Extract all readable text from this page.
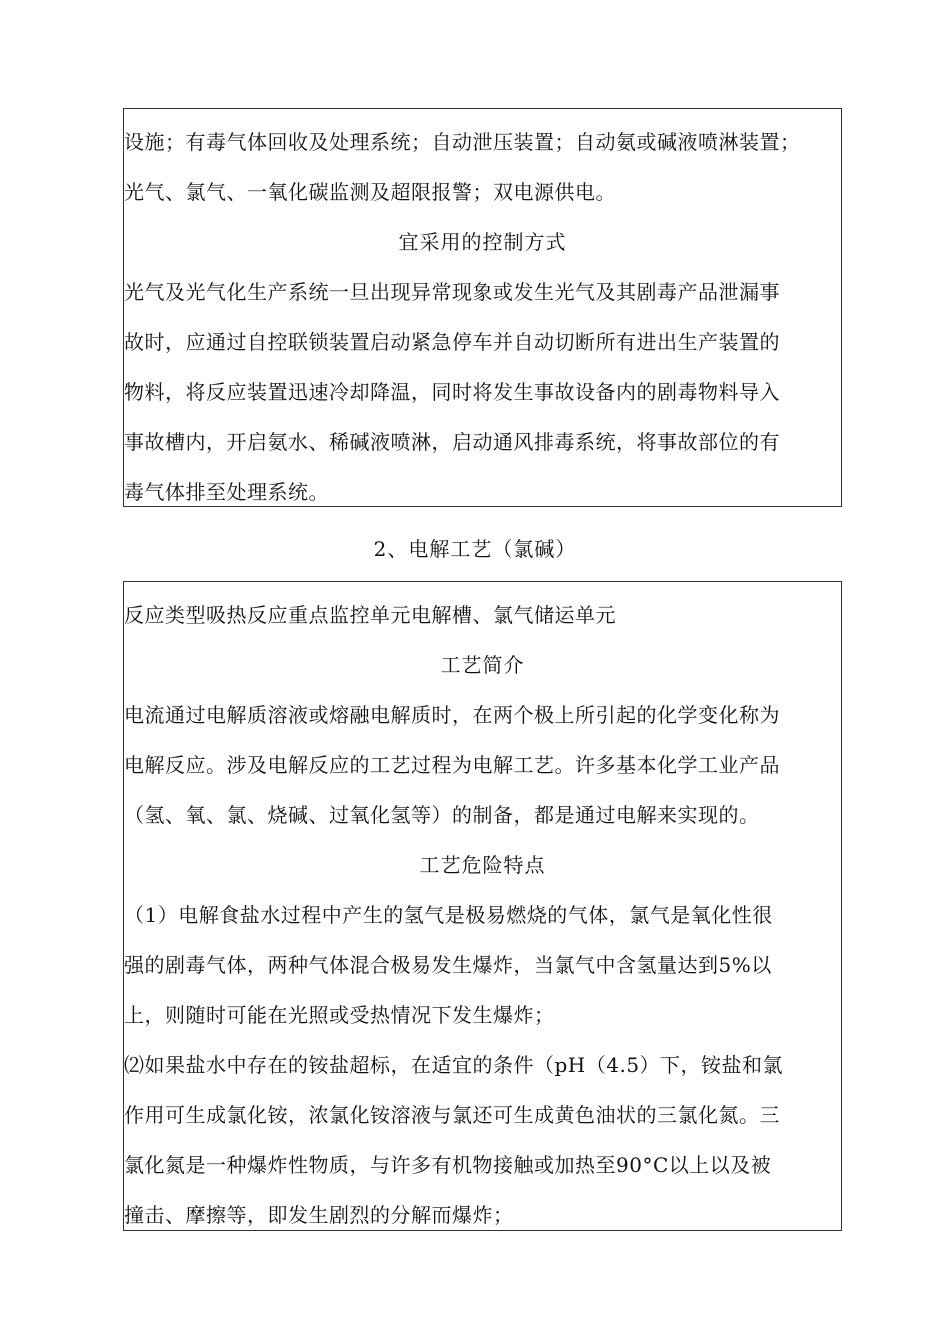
设施；有毒气体回收及处理系统；自动泄压装置；自动氨或碱液喷淋装置；
光气、氯气、一氧化碳监测及超限报警；双电源供电。
宜采用的控制方式
光气及光气化生产系统一旦出现异常现象或发生光气及其剧毒产品泄漏事
故时，应通过自控联锁装置启动紧急停车并自动切断所有进出生产装置的
物料，将反应装置迅速冷却降温，同时将发生事故设备内的剧毒物料导入
事故槽内，开启氨水、稀碱液喷淋，启动通风排毒系统，将事故部位的有
毒气体排至处理系统。
2、电解工艺（氯碱）
反应类型吸热反应重点监控单元电解槽、氯气储运单元
工艺简介
电流通过电解质溶液或熔融电解质时，在两个极上所引起的化学变化称为
电解反应。涉及电解反应的工艺过程为电解工艺。许多基本化学工业产品
（氢、氧、氯、烧碱、过氧化氢等）的制备，都是通过电解来实现的。
工艺危险特点
（1）电解食盐水过程中产生的氢气是极易燃烧的气体，氯气是氧化性很
强的剧毒气体，两种气体混合极易发生爆炸，当氯气中含氢量达到5%以
上，则随时可能在光照或受热情况下发生爆炸；
⑵如果盐水中存在的铵盐超标，在适宜的条件（pH（4.5）下，铵盐和氯
作用可生成氯化铵，浓氯化铵溶液与氯还可生成黄色油状的三氯化氮。三
氯化氮是一种爆炸性物质，与许多有机物接触或加热至90°C以上以及被
撞击、摩擦等，即发生剧烈的分解而爆炸；
